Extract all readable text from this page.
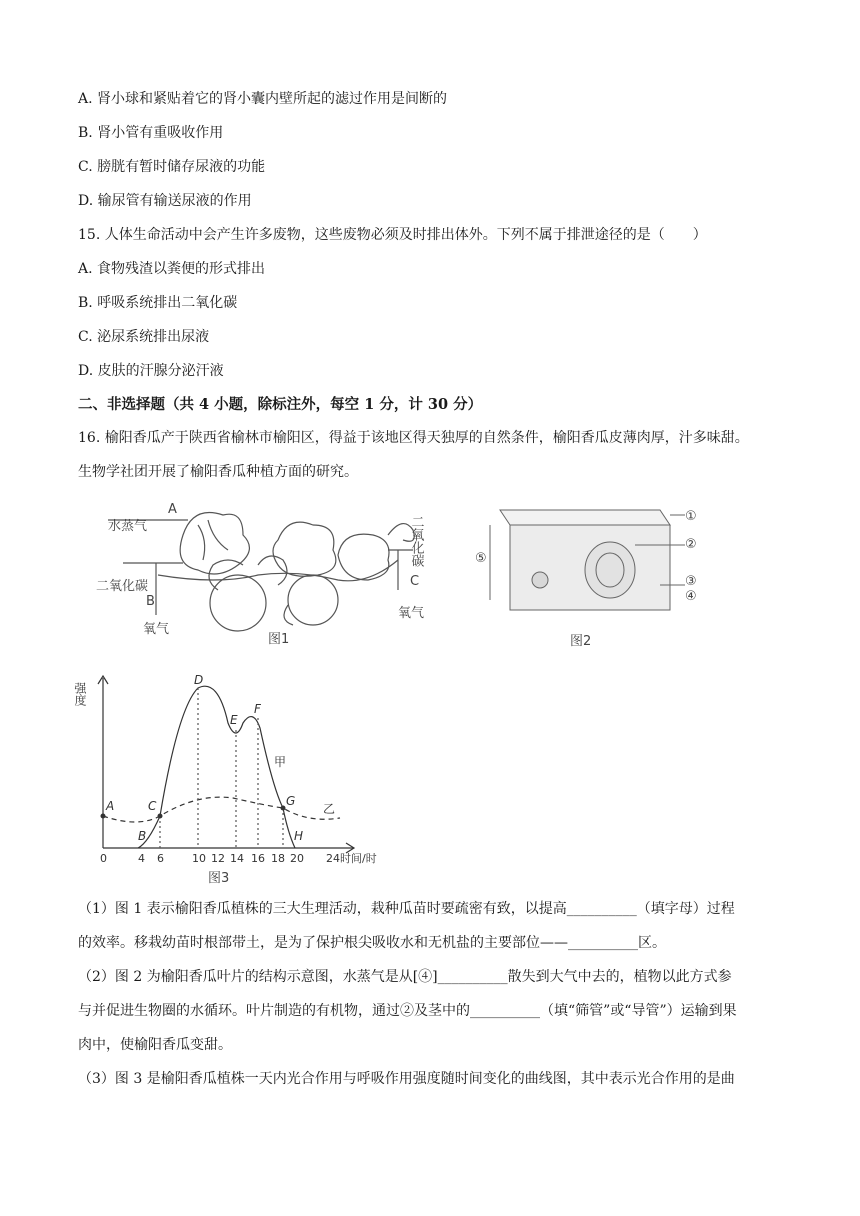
A. 肾小球和紧贴着它的肾小囊内壁所起的滤过作用是间断的
B. 肾小管有重吸收作用
C. 膀胱有暂时储存尿液的功能
D. 输尿管有输送尿液的作用
15. 人体生命活动中会产生许多废物，这些废物必须及时排出体外。下列不属于排泄途径的是（　　）
A. 食物残渣以粪便的形式排出
B. 呼吸系统排出二氧化碳
C. 泌尿系统排出尿液
D. 皮肤的汗腺分泌汗液
二、非选择题（共 4 小题，除标注外，每空 1 分，计 30 分）
16. 榆阳香瓜产于陕西省榆林市榆阳区，得益于该地区得天独厚的自然条件，榆阳香瓜皮薄肉厚，汁多味甜。
生物学社团开展了榆阳香瓜种植方面的研究。
水蒸气
A
二氧化碳
B
氧气
C
氧气
二氧化碳
图1
⑤
①
②
③
④
图2
A
B
C
D
E
F
G
H
甲
乙
强度
0	4 6	10 12 14 16 18 20 24 时间/时
图3
（1）图 1 表示榆阳香瓜植株的三大生理活动，栽种瓜苗时要疏密有致，以提高__________（填字母）过程
的效率。移栽幼苗时根部带土，是为了保护根尖吸收水和无机盐的主要部位——__________区。
（2）图 2 为榆阳香瓜叶片的结构示意图，水蒸气是从[④]__________散失到大气中去的，植物以此方式参
与并促进生物圈的水循环。叶片制造的有机物，通过②及茎中的__________（填“筛管”或“导管”）运输到果
肉中，使榆阳香瓜变甜。
（3）图 3 是榆阳香瓜植株一天内光合作用与呼吸作用强度随时间变化的曲线图，其中表示光合作用的是曲
